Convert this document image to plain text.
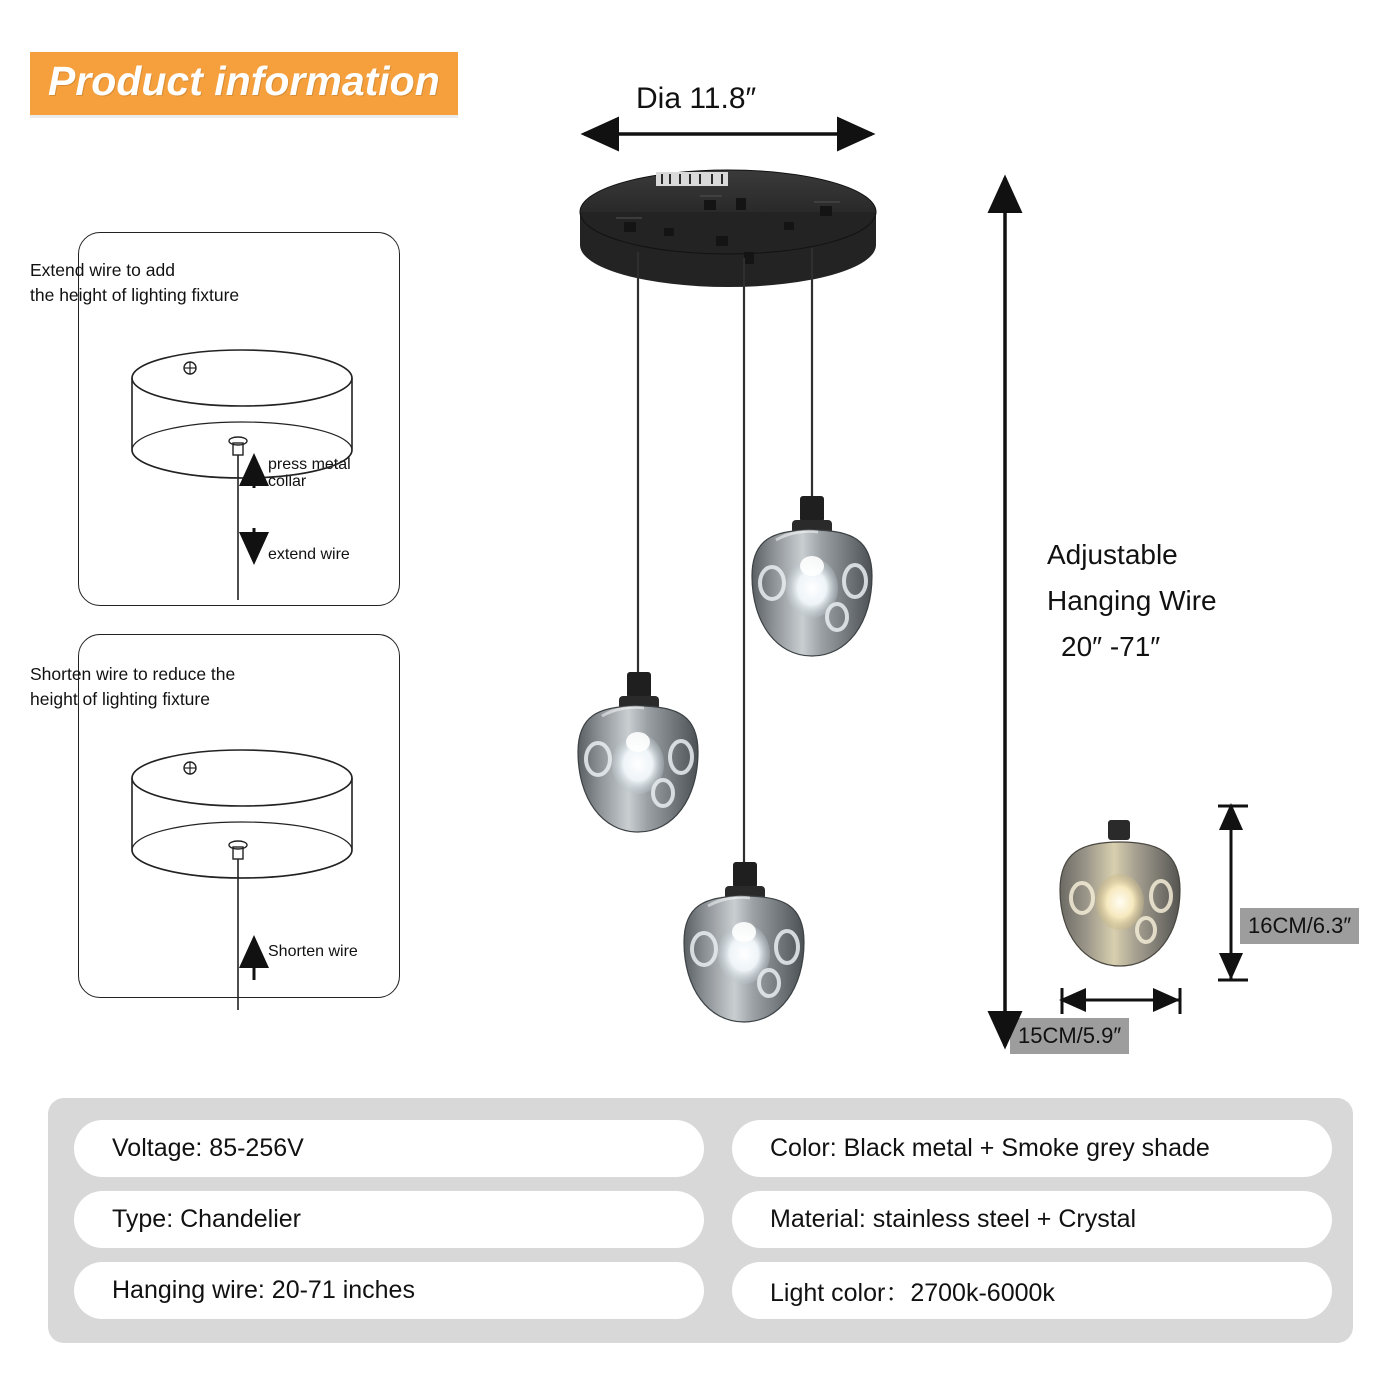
Product information
Extend wire to add
the height of lighting fixture
press metal
collar
extend wire
Shorten wire to reduce the
height of lighting fixture
Shorten wire
Dia 11.8″
Adjustable
Hanging Wire
20″ -71″
16CM/6.3″
15CM/5.9″
Voltage: 85-256V
Type: Chandelier
Hanging wire: 20-71 inches
Color: Black metal + Smoke grey shade
Material: stainless steel + Crystal
Light color：2700k-6000k
